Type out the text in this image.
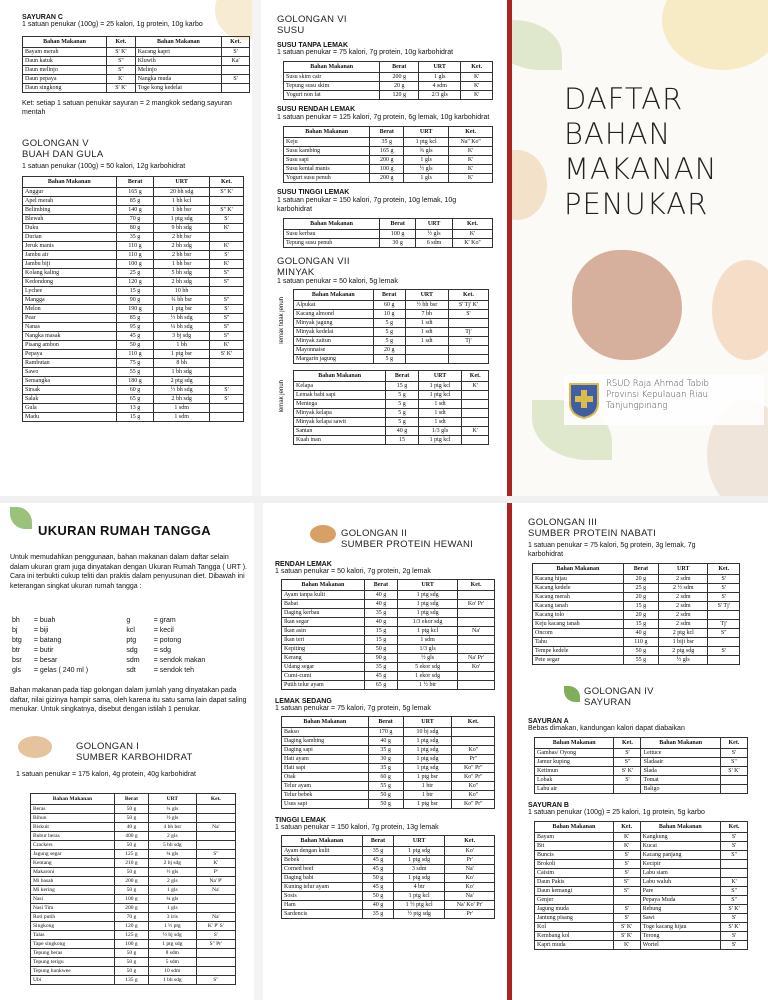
SAYURAN C
1 satuan penukar (100g) = 25 kalori, 1g protein, 10g karbo
Bahan Makanan	Ket.	Bahan Makanan	Ket.
Bayam merah	S' K'	Kacang kapri	S'
Daun katuk	S''	Kluwih	Ka'
Daun melinjo	S''	Melinjo	
Daun pepaya	K'	Nangka muda	S'
Daun singkong	S' K'	Toge kong kedelai	
Ket: setiap 1 satuan penukar sayuran = 2 mangkok sedang sayuran mentah
GOLONGAN V
BUAH DAN GULA
1 satuan penukar (100g) = 50 kalori, 12g karbohidrat
Bahan Makanan	Berat	URT	Ket.
Anggur	165 g	20 bh sdg	S'' K'
Apel merah	85 g	1 bh kcl	
Belimbing	140 g	1 bh bsr	S'' K'
Blewah	70 g	1 ptg sdg	S'
Duku	80 g	9 bh sdg	K'
Durian	35 g	2 bh bsr	
Jeruk manis	110 g	2 bh sdg	K'
Jambu air	110 g	2 bh bsr	S'
Jambu biji	100 g	1 bh bsr	K'
Kolang kaling	25 g	5 bh sdg	S''
Kedondong	120 g	2 bh sdg	S''
Lychee	15 g	10 bh	
Mangga	90 g	¾ bh bsr	S''
Melon	190 g	1 ptg bsr	S'
Pear	85 g	½ bh sdg	S''
Nanas	95 g	¼ bh sdg	S''
Nangka masak	45 g	3 bj sdg	S''
Pisang ambon	50 g	1 bh	K'
Pepaya	110 g	1 ptg bsr	S' K'
Rambutan	75 g	8 bh	
Sawo	55 g	1 bh sdg	
Semangka	180 g	2 ptg sdg	
Sirsak	60 g	½ bh sdg	S'
Salak	65 g	2 bh sdg	S'
Gula	13 g	1 sdm	
Madu	15 g	1 sdm	
GOLONGAN VI
SUSU
SUSU TANPA LEMAK
1 satuan penukar = 75 kalori, 7g protein, 10g karbohidrat
Bahan Makanan	Berat	URT	Ket.
Susu skim cair	200 g	1 gls	K'
Tepung susu skim	20 g	4 sdm	K'
Yogurt non fat	120 g	2/3 gls	K'
SUSU RENDAH LEMAK
1 satuan penukar = 125 kalori, 7g protein, 6g lemak, 10g karbohidrat
Bahan Makanan	Berat	URT	Ket.
Keju	35 g	1 ptg kcl	Na'' Ko''
Susu kambing	165 g	¾ gls	K'
Susu sapi	200 g	1 gls	K'
Susu kental manis	100 g	½ gls	K'
Yogurt susu penuh	200 g	1 gls	K'
SUSU TINGGI LEMAK
1 satuan penukar = 150 kalori, 7g protein, 10g lemak, 10g karbohidrat
Bahan Makanan	Berat	URT	Ket.
Susu kerbau	100 g	½ gls	K'
Tepung susu penuh	30 g	6 sdm	K' Ko''
GOLONGAN VII
MINYAK
1 satuan penukar = 50 kalori, 5g lemak
lemak tidak jenuh
Bahan Makanan	Berat	URT	Ket.
Alpukat	60 g	½ bh bsr	S' Tj' K'
Kacang almond	10 g	7 bh	S'
Minyak jagung	5 g	1 sdt	
Minyak kedelai	5 g	1 sdt	Tj'
Minyak zaitun	5 g	1 sdt	Tj'
Mayonnaise	20 g		
Margarin jagung	5 g		
lemak jenuh
Bahan Makanan	Berat	URT	Ket.
Kelapa	15 g	1 ptg kcl	K'
Lemak babi sapi	5 g	1 ptg kcl	
Mentega	5 g	1 sdt	
Minyak kelapa	5 g	1 sdt	
Minyak kelapa sawit	5 g	1 sdt	
Santan	40 g	1/3 gls	K'
Kuah inan	15	1 ptg kcl	
DAFTAR
BAHAN
MAKANAN
PENUKAR
RSUD Raja Ahmad Tabib
Provinsi Kepulauan Riau
Tanjungpinang
UKURAN RUMAH TANGGA
Untuk memudahkan penggunaan, bahan makanan dalam daftar selain dalam ukuran gram juga dinyatakan dengan Ukuran Rumah Tangga ( URT ). Cara ini terbukti cukup teliti dan praktis dalam penyusunan diet. Dibawah ini keterangan singkat ukuran rumah tangga :
bh	= buah	g	= gram
bj	= biji	kcl	= kecil
btg	= batang	ptg	= potong
btr	= butir	sdg	= sdg
bsr	= besar	sdm	= sendok makan
gls	= gelas ( 240 ml )	sdt	= sendok teh
Bahan makanan pada tiap golongan dalam jumlah yang dinyatakan pada daftar, nilai gizinya hampir sama, oleh karena itu satu sama lain dapat saling menukar. Untuk singkatnya, disebut dengan istilah 1 penukar.
GOLONGAN I
SUMBER KARBOHIDRAT
1 satuan penukar = 175 kalori, 4g protein, 40g karbohidrat
Bahan Makanan	Berat	URT	Ket.
Beras	50 g	¼ gls	
Bihun	50 g	½ gls	
Biskuit	40 g	4 bh bsr	Na'
Bubur beras	400 g	2 gls	
Crackers	50 g	5 bh sdg	
Jagung segar	125 g	¾ gls	S''
Kentang	210 g	2 bj sdg	K'
Makaroni	50 g	½ gls	P'
Mi basah	200 g	2 gls	Na' P'
Mi kering	50 g	1 gls	Na'
Nasi	100 g	¾ gls	
Nasi Tim	200 g	1 gls	
Roti putih	70 g	3 iris	Na'
Singkong	120 g	1 ½ ptg	K' P' S'
Talas	125 g	½ bj sdg	S'
Tape singkong	100 g	1 ptg sdg	S'' Pr'
Tepung beras	50 g	8 sdm	
Tepung terigu	50 g	5 sdm	
Tepung hunkwee	50 g	10 sdm	
Ubi	135 g	1 bh sdg	S''
GOLONGAN II
SUMBER PROTEIN HEWANI
RENDAH LEMAK
1 satuan penukar = 50 kalori, 7g protein, 2g lemak
Bahan Makanan	Berat	URT	Ket.
Ayam tanpa kulit	40 g	1 ptg sdg	
Babat	40 g	1 ptg sdg	Ko' Pr'
Daging kerbau	35 g	1 ptg sdg	
Ikan segar	40 g	1/3 ekor sdg	
Ikan asin	15 g	1 ptg kcl	Na'
Ikan teri	15 g	1 sdm	
Kepiting	50 g	1/3 gls	
Kerang	90 g	½ gls	Na' Pr'
Udang segar	35 g	5 ekor sdg	Ko'
Cumi-cumi	45 g	1 ekor sdg	
Putih telur ayam	65 g	1 ½ btr	
LEMAK SEDANG
1 satuan penukar = 75 kalori, 7g protein, 5g lemak
Bahan Makanan	Berat	URT	Ket.
Bakso	170 g	10 bj sdg	
Daging kambing	40 g	1 ptg sdg	
Daging sapi	35 g	1 ptg sdg	Ko''
Hati ayam	30 g	1 ptg sdg	Pr''
Hati sapi	35 g	1 ptg sdg	Ko'' Pr''
Otak	60 g	1 ptg bsr	Ko'' Pr''
Telur ayam	55 g	1 btr	Ko''
Telur bebek	50 g	1 btr	Ko''
Usus sapi	50 g	1 ptg bsr	Ko'' Pr''
TINGGI LEMAK
1 satuan penukar = 150 kalori, 7g protein, 13g lemak
Bahan Makanan	Berat	URT	Ket.
Ayam dengan kulit	35 g	1 ptg sdg	Ko'
Bebek	45 g	1 ptg sdg	Pr'
Corned beef	45 g	3 sdm	Na'
Daging babi	50 g	1 ptg sdg	Ko'
Kuning telur ayam	45 g	4 btr	Ko'
Sosis	50 g	1 ptg kcl	Na'
Ham	40 g	1 ½ ptg kcl	Na' Ko' Pr'
Sardencis	35 g	½ ptg sdg	Pr'
GOLONGAN III
SUMBER PROTEIN NABATI
1 satuan penukar = 75 kalori, 5g protein, 3g lemak, 7g karbohidrat
Bahan Makanan	Berat	URT	Ket.
Kacang hijau	20 g	2 sdm	S'
Kacang kedele	25 g	2 ½ sdm	S'
Kacang merah	20 g	2 sdm	S'
Kacang tanah	15 g	2 sdm	S' Tj'
Kacang tolo	20 g	2 sdm	
Keju kacang tanah	15 g	2 sdm	Tj'
Oncom	40 g	2 ptg kcl	S''
Tahu	110 g	1 biji bsr	
Tempe kedele	50 g	2 ptg sdg	S'
Pete segar	55 g	½ gls	
GOLONGAN IV
SAYURAN
SAYURAN A
Bebas dimakan, kandungan kalori dapat diabaikan
Bahan Makanan	Ket.	Bahan Makanan	Ket.
Gambas/ Oyong	S'	Lettuce	S'
Jamur kuping	S''	Sladaair	S''
Ketimun	S' K'	Slada	S' K'
Lobak	S'	Tomat	
Labu air		Baligo	
SAYURAN B
1 satuan penukar (100g) = 25 kalori, 1g protein, 5g karbo
Bahan Makanan	Ket.	Bahan Makanan	Ket.
Bayam	K'	Kangkung	S'
Bit	K'	Kucai	S'
Buncis	S'	Kacang panjang	S''
Brokoli	S'	Kecipir	
Caisim	S'	Labu siam	
Daun Pakis	S''	Labu waluh	K'
Daun kemangi	S''	Pare	S''
Genjer		Pepaya Muda	S''
Jagung muda	S'	Rebung	S' K'
Jantung pisang	S'	Sawi	S'
Kol	S' K'	Toge kacang hijau	S' K'
Kembang kol	S' K'	Terong	S'
Kapri muda	K'	Wortel	S'
